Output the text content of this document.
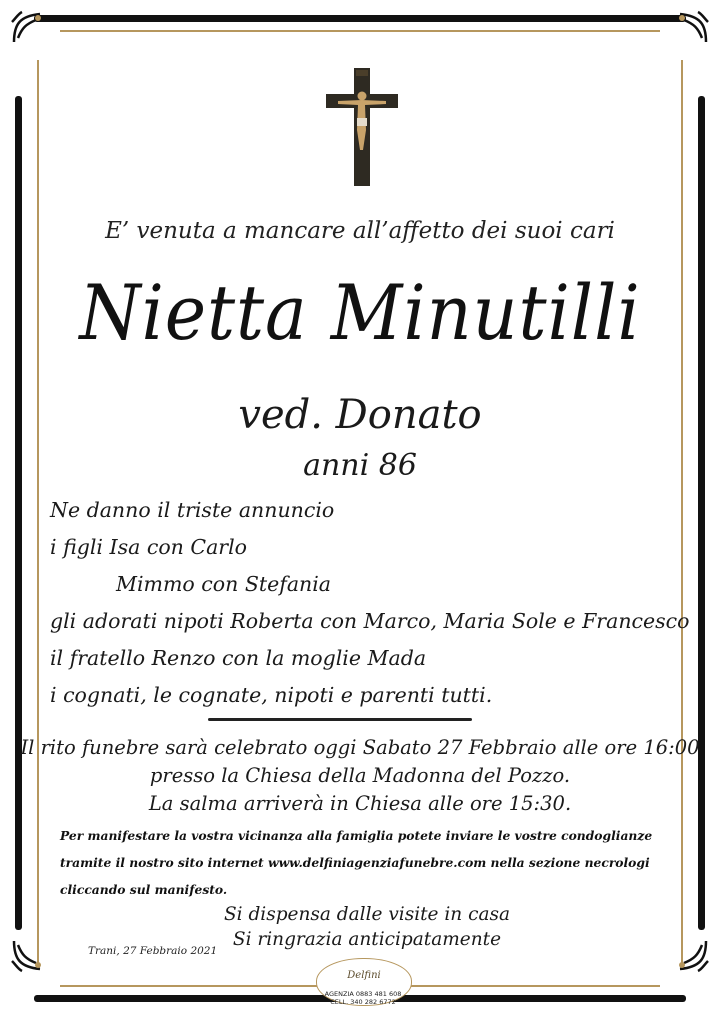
E’ venuta a mancare all’affetto dei suoi cari
Nietta Minutilli
ved. Donato
anni 86
Ne danno il triste annuncio
i figli Isa con Carlo
Mimmo con Stefania
gli adorati nipoti Roberta con Marco, Maria Sole e Francesco
il fratello Renzo con la moglie Mada
i cognati, le cognate, nipoti e parenti tutti.
Il rito funebre sarà celebrato oggi Sabato 27 Febbraio alle ore 16:00
presso la Chiesa della Madonna del Pozzo.
La salma arriverà in Chiesa alle ore 15:30.
Per manifestare la vostra vicinanza alla famiglia potete inviare le vostre condoglianze
tramite il nostro sito internet www.delfiniagenziafunebre.com nella sezione necrologi
cliccando sul manifesto.
Si dispensa dalle visite in casa
Si ringrazia anticipatamente
Trani, 27 Febbraio 2021
Delfini
AGENZIA 0883 481 608
CELL. 340 282 6772
